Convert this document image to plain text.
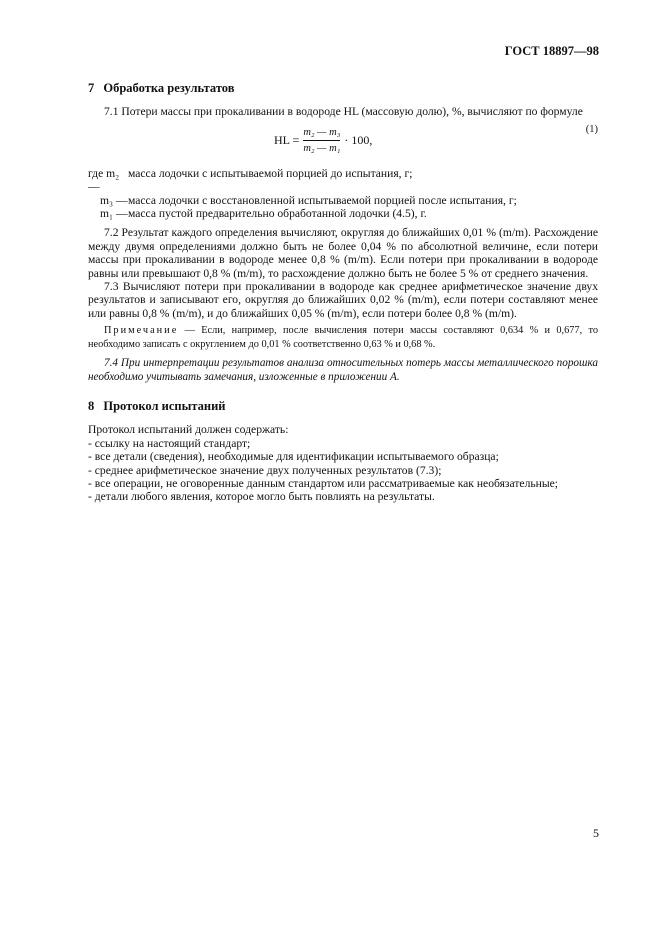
ГОСТ 18897—98
7 Обработка результатов

7.1 Потери массы при прокаливании в водороде HL (массовую долю), %, вычисляют по формуле

HL = $\frac{\text{m₂ — m₃}}{\text{m₂ — m₁}} \cdot 100$,
(1)
где m₂ —
масса лодочки с испытываемой порцией до испытания, г;
m₃ — масса лодочки с восстановленной испытываемой порцией после испытания, г;
m₁ — масса пустой предварительно обработанной лодочки (4.5), г.

7.2 Результат каждого определения вычисляют, округляя до ближайших 0,01 % (m/m). Расхождение между двумя определениями должно быть не более 0,04 % по абсолютной величине, если потери массы при прокаливании в водороде менее 0,8 % (m/m). Если потери при прокаливании в водороде равны или превышают 0,8 % (m/m), то расхождение должно быть не более 5 % от среднего значения.

7.3 Вычисляют потери при прокаливании в водороде как среднее арифметическое значение двух результатов и записывают его, округляя до ближайших 0,02 % (m/m), если потери составляют менее или равны 0,8 % (m/m), и до ближайших 0,05 % (m/m), если потери более 0,8 % (m/m).

Примечание — Если, например, после вычисления потери массы составляют 0,634 % и 0,677, то необходимо записать с округлением до 0,01 % соответственно 0,63 % и 0,68 %.

7.4 При интерпретации результатов анализа относительных потерь массы металлического порошка необходимо учитывать замечания, изложенные в приложении А.

8 Протокол испытаний

Протокол испытаний должен содержать:

- ссылку на настоящий стандарт;

- все детали (сведения), необходимые для идентификации испытываемого образца;

- среднее арифметическое значение двух полученных результатов (7.3);

- все операции, не оговоренные данным стандартом или рассматриваемые как необязательные;

- детали любого явления, которое могло быть повлиять на результаты.

5
